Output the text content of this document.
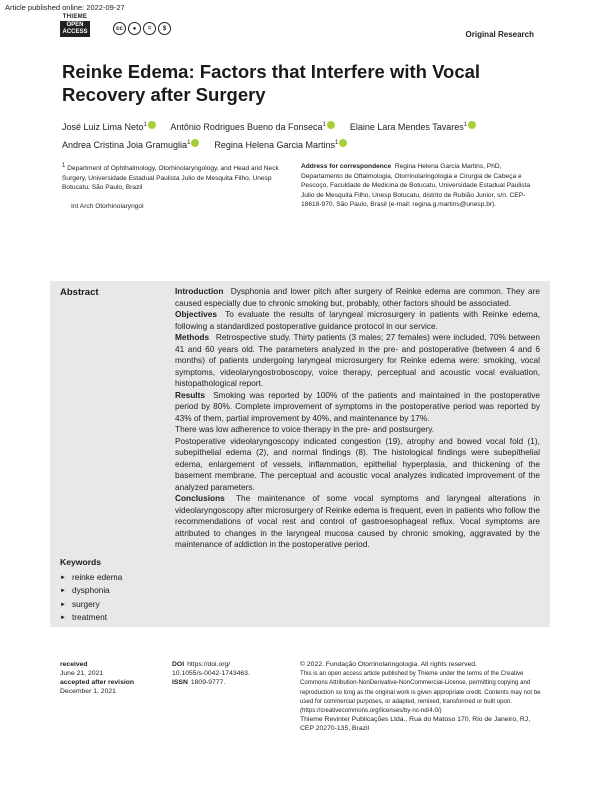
Article published online: 2022-09-27
THIEME
OPEN
ACCESS	cc	●	=	$
Original Research
Reinke Edema: Factors that Interfere with Vocal Recovery after Surgery
José Luiz Lima Neto$^1$	Antônio Rodrigues Bueno da Fonseca$^1$	Elaine Lara Mendes Tavares$^1$
Andrea Cristina Joia Gramuglia$^1$	Regina Helena Garcia Martins$^1$
$^1$ Department of Ophthalmology, Otorhinolaryngology, and Head and Neck Surgery, Universidade Estadual Paulista Julio de Mesquita Filho, Unesp Botucatu, São Paulo, Brazil
Address for correspondence Regina Helena Garcia Martins, PhD, Departamento de Oftalmologia, Otorrinolaringologia e Cirurgia de Cabeça e Pescoço, Faculdade de Medicina de Botucatu, Universidade Estadual Paulista Julio de Mesquita Filho, Unesp Botucatu, distrito de Rubião Junior, s/n. CEP- 18618-970, São Paulo, Brasil (e-mail: regina.g.martins@unesp.br).
Int Arch Otorhinolaryngol
Abstract	Introduction Dysphonia and lower pitch after surgery of Reinke edema are common. They are caused especially due to chronic smoking but, probably, other factors should be associated.

Objectives To evaluate the results of laryngeal microsurgery in patients with Reinke edema, following a standardized postoperative guidance protocol in our service.

Methods Retrospective study. Thirty patients (3 males; 27 females) were included, 70% between 41 and 60 years old. The parameters analyzed in the pre- and postoperative (between 4 and 6 months) of patients undergoing laryngeal microsurgery for Reinke edema were: smoking, vocal symptoms, videolaryngostroboscopy, voice therapy, perceptual and acoustic vocal evaluation, histopathological report.

Results Smoking was reported by 100% of the patients and maintained in the postoperative period by 80%. Complete improvement of symptoms in the postoperative period was reported by 43% of them, partial improvement by 40%, and maintenance by 17%.

There was low adherence to voice therapy in the pre- and postsurgery.

Postoperative videolaryngoscopy indicated congestion (19), atrophy and bowed vocal fold (1), subepithelial edema (2), and normal findings (8). The histological findings were subepithelial edema, enlargement of vessels, inflammation, epithelial hyperplasia, and thickening of the basement membrane. The perceptual and acoustic vocal analyzes indicated improvement of the analyzed parameters.

Conclusions The maintenance of some vocal symptoms and laryngeal alterations in videolaryngoscopy after microsurgery of Reinke edema is frequent, even in patients who follow the recommendations of vocal rest and control of gastroesophageal reflux. Vocal symptoms are attributed to changes in the laryngeal mucosa caused by chronic smoking, aggravated by the maintenance of addiction in the postoperative period.

Keywords
► reinke edema
► dysphonia
► surgery
► treatment
received
June 21, 2021
accepted after revision
December 1, 2021
DOI https://doi.org/
10.1055/s-0042-1743463.
ISSN 1809-9777.
© 2022. Fundação Otorrinolaringologia. All rights reserved.
This is an open access article published by Thieme under the terms of the Creative Commons Attribution-NonDerivative-NonCommercial-License, permitting copying and reproduction so long as the original work is given appropriate credit. Contents may not be used for commercial purposes, or adapted, remixed, transformed or built upon. (https://creativecommons.org/licenses/by-nc-nd/4.0/)
Thieme Revinter Publicações Ltda., Rua do Matoso 170, Rio de Janeiro, RJ, CEP 20270-135, Brazil
